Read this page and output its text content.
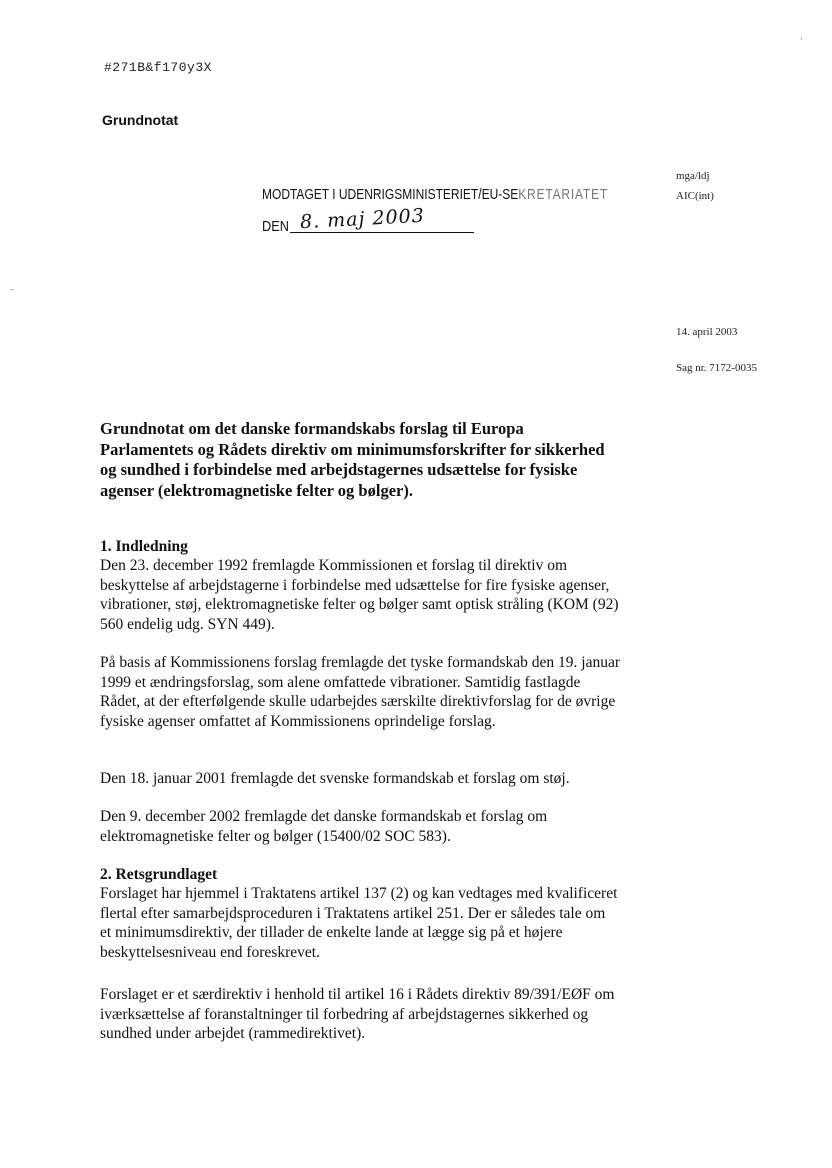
#271B&f170y3X
Grundnotat
mga/ldj
AIC(int)
14. april 2003
Sag nr. 7172-0035
MODTAGET I UDENRIGSMINISTERIET/EU-SEKRETARIATET
DEN 8. maj 2003
Grundnotat om det danske formandskabs forslag til Europa Parlamentets og Rådets direktiv om minimumsforskrifter for sikkerhed og sundhed i forbindelse med arbejdstagernes udsættelse for fysiske agenser (elektromagnetiske felter og bølger).
1. Indledning
Den 23. december 1992 fremlagde Kommissionen et forslag til direktiv om beskyttelse af arbejdstagerne i forbindelse med udsættelse for fire fysiske agenser, vibrationer, støj, elektromagnetiske felter og bølger samt optisk stråling (KOM (92) 560 endelig udg. SYN 449).
På basis af Kommissionens forslag fremlagde det tyske formandskab den 19. januar 1999 et ændringsforslag, som alene omfattede vibrationer. Samtidig fastlagde Rådet, at der efterfølgende skulle udarbejdes særskilte direktivforslag for de øvrige fysiske agenser omfattet af Kommissionens oprindelige forslag.
Den 18. januar 2001 fremlagde det svenske formandskab et forslag om støj.
Den 9. december 2002 fremlagde det danske formandskab et forslag om elektromagnetiske felter og bølger (15400/02 SOC 583).
2. Retsgrundlaget
Forslaget har hjemmel i Traktatens artikel 137 (2) og kan vedtages med kvalificeret flertal efter samarbejdsproceduren i Traktatens artikel 251. Der er således tale om et minimumsdirektiv, der tillader de enkelte lande at lægge sig på et højere beskyttelsesniveau end foreskrevet.
Forslaget er et særdirektiv i henhold til artikel 16 i Rådets direktiv 89/391/EØF om iværksættelse af foranstaltninger til forbedring af arbejdstagernes sikkerhed og sundhed under arbejdet (rammedirektivet).
’
–
